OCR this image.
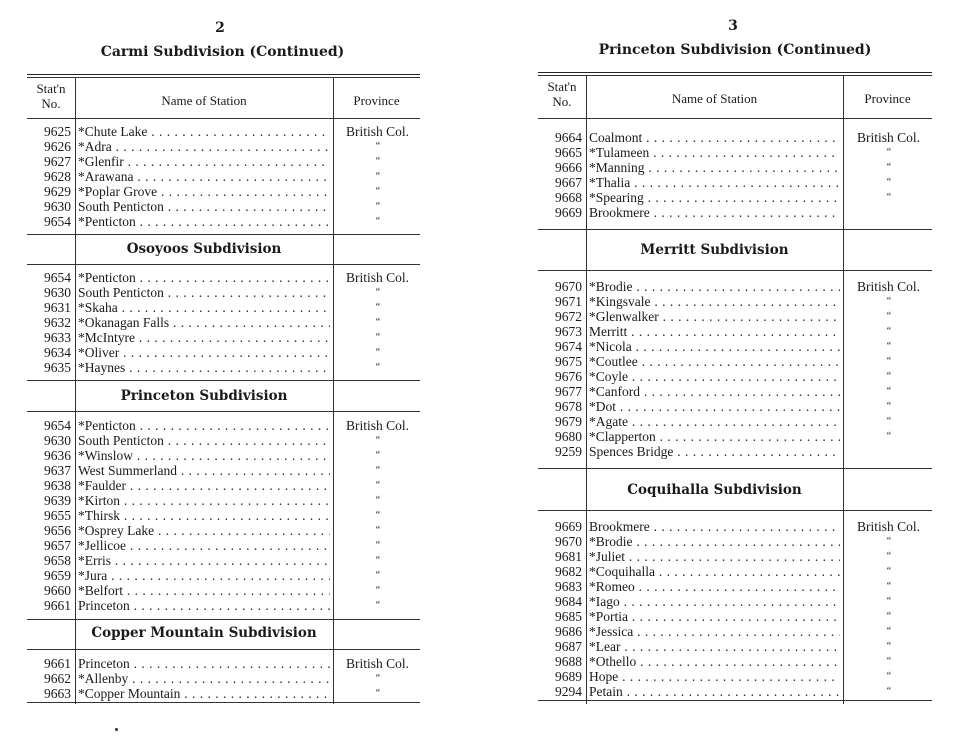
2
Carmi Subdivision (Continued)
Stat'n
No.	Name of Station	Province
9625 *Chute Lake . . .	British Col.
9626 *Adra . . .	“
9627 *Glenfir . . .	“
9628 *Arawana . . .	“
9629 *Poplar Grove . . .	“
9630 South Penticton . . .	“
9654 *Penticton . . .	“
Osoyoos Subdivision
9654 *Penticton . . .	British Col.
9630 South Penticton . . .	“
9631 *Skaha . . .	“
9632 *Okanagan Falls . . .	“
9633 *McIntyre . . .	“
9634 *Oliver . . .	“
9635 *Haynes . . .	“
Princeton Subdivision
9654 *Penticton . . .	British Col.
9630 South Penticton . . .	“
9636 *Winslow . . .	“
9637 West Summerland . . .	“
9638 *Faulder . . .	“
9639 *Kirton . . .	“
9655 *Thirsk . . .	“
9656 *Osprey Lake . . .	“
9657 *Jellicoe . . .	“
9658 *Erris . . .	“
9659 *Jura . . .	“
9660 *Belfort . . .	“
9661 Princeton . . .	“
Copper Mountain Subdivision
9661 Princeton . . .	British Col.
9662 *Allenby . . .	“
9663 *Copper Mountain . . .	“
3
Princeton Subdivision (Continued)
Stat'n
No.	Name of Station	Province
9664 Coalmont . . .	British Col.
9665 *Tulameen . . .	“
9666 *Manning . . .	“
9667 *Thalia . . .	“
9668 *Spearing . . .	“
9669 Brookmere . . .
Merritt Subdivision
9670 *Brodie . . .	British Col.
9671 *Kingsvale . . .	“
9672 *Glenwalker . . .	“
9673 Merritt . . .	“
9674 *Nicola . . .	“
9675 *Coutlee . . .	“
9676 *Coyle . . .	“
9677 *Canford . . .	“
9678 *Dot . . .	“
9679 *Agate . . .	“
9680 *Clapperton . . .	“
9259 Spences Bridge . . .
Coquihalla Subdivision
9669 Brookmere . . .	British Col.
9670 *Brodie . . .	“
9681 *Juliet . . .	“
9682 *Coquihalla . . .	“
9683 *Romeo . . .	“
9684 *Iago . . .	“
9685 *Portia . . .	“
9686 *Jessica . . .	“
9687 *Lear . . .	“
9688 *Othello . . .	“
9689 Hope . . .	“
9294 Petain . . .	“
